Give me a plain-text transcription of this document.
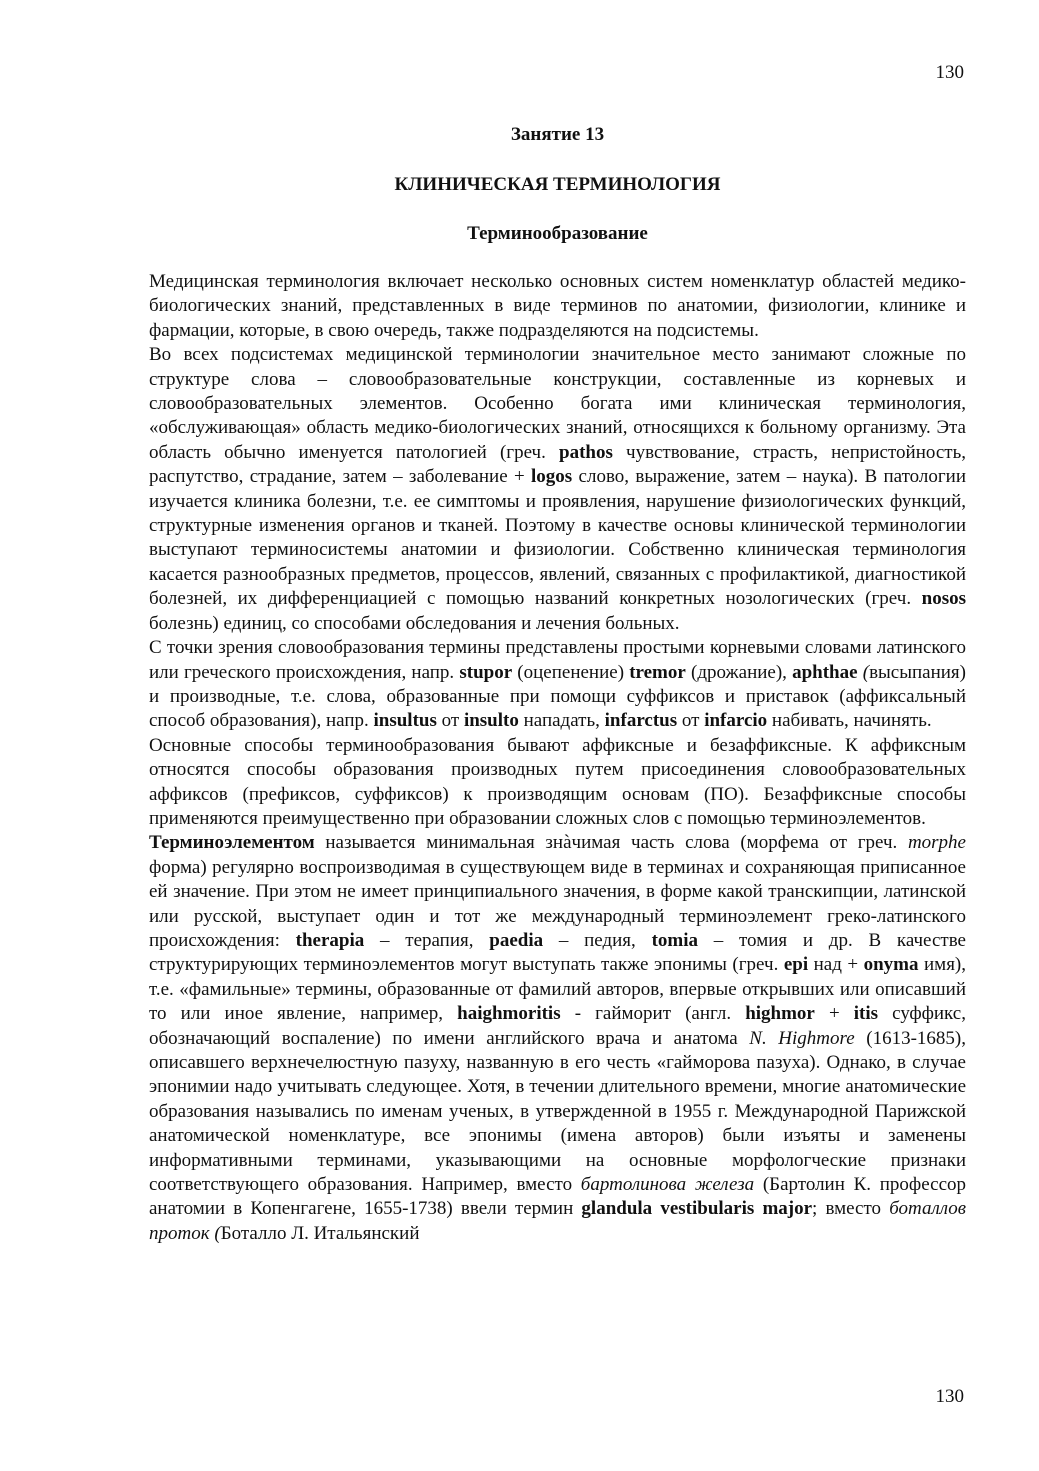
130
Занятие 13
КЛИНИЧЕСКАЯ ТЕРМИНОЛОГИЯ
Терминообразование

Медицинская терминология включает несколько основных систем номенклатур областей медико-биологических знаний, представленных в виде терминов по анатомии, физиологии, клинике и фармации, которые, в свою очередь, также подразделяются на подсистемы.

Во всех подсистемах медицинской терминологии значительное место занимают сложные по структуре слова – словообразовательные конструкции, составленные из корневых и словообразовательных элементов. Особенно богата ими клиническая терминология, «обслуживающая» область медико-биологических знаний, относящихся к больному организму. Эта область обычно именуется патологией (греч. pathos чувствование, страсть, непристойность, распутство, страдание, затем – заболевание + logos слово, выражение, затем – наука). В патологии изучается клиника болезни, т.е. ее симптомы и проявления, нарушение физиологических функций, структурные изменения органов и тканей. Поэтому в качестве основы клинической терминологии выступают терминосистемы анатомии и физиологии. Собственно клиническая терминология касается разнообразных предметов, процессов, явлений, связанных с профилактикой, диагностикой болезней, их дифференциацией с помощью названий конкретных нозологических (греч. nosos болезнь) единиц, со способами обследования и лечения больных.

С точки зрения словообразования термины представлены простыми корневыми словами латинского или греческого происхождения, напр. stupor (оцепенение) tremor (дрожание), aphthae (высыпания) и производные, т.е. слова, образованные при помощи суффиксов и приставок (аффиксальный способ образования), напр. insultus от insulto нападать, infarctus от infarcio набивать, начинять.

Основные способы терминообразования бывают аффиксные и безаффиксные. К аффиксным относятся способы образования производных путем присоединения словообразовательных аффиксов (префиксов, суффиксов) к производящим основам (ПО). Безаффиксные способы применяются преимущественно при образовании сложных слов с помощью терминоэлементов.

Терминоэлементом называется минимальная знàчимая часть слова (морфема от греч. morphe форма) регулярно воспроизводимая в существующем виде в терминах и сохраняющая приписанное ей значение. При этом не имеет принципиального значения, в форме какой транскипции, латинской или русской, выступает один и тот же международный терминоэлемент греко-латинского происхождения: therapia – терапия, paedia – педия, tomia – томия и др. В качестве структурирующих терминоэлементов могут выступать также эпонимы (греч. epi над + onyma имя), т.е. «фамильные» термины, образованные от фамилий авторов, впервые открывших или описавший то или иное явление, например, haighmoritis - гайморит (англ. highmor + itis суффикс, обозначающий воспаление) по имени английского врача и анатома N. Highmore (1613-1685), описавшего верхнечелюстную пазуху, названную в его честь «гайморова пазуха). Однако, в случае эпонимии надо учитывать следующее. Хотя, в течении длительного времени, многие анатомические образования назывались по именам ученых, в утвержденной в 1955 г. Международной Парижской анатомической номенклатуре, все эпонимы (имена авторов) были изъяты и заменены информативными терминами, указывающими на основные морфологческие признаки соответствующего образования. Например, вместо бартолинова железа (Бартолин К. профессор анатомии в Копенгагене, 1655-1738) ввели термин glandula vestibularis major; вместо боталлов проток (Боталло Л. Итальянский

130
